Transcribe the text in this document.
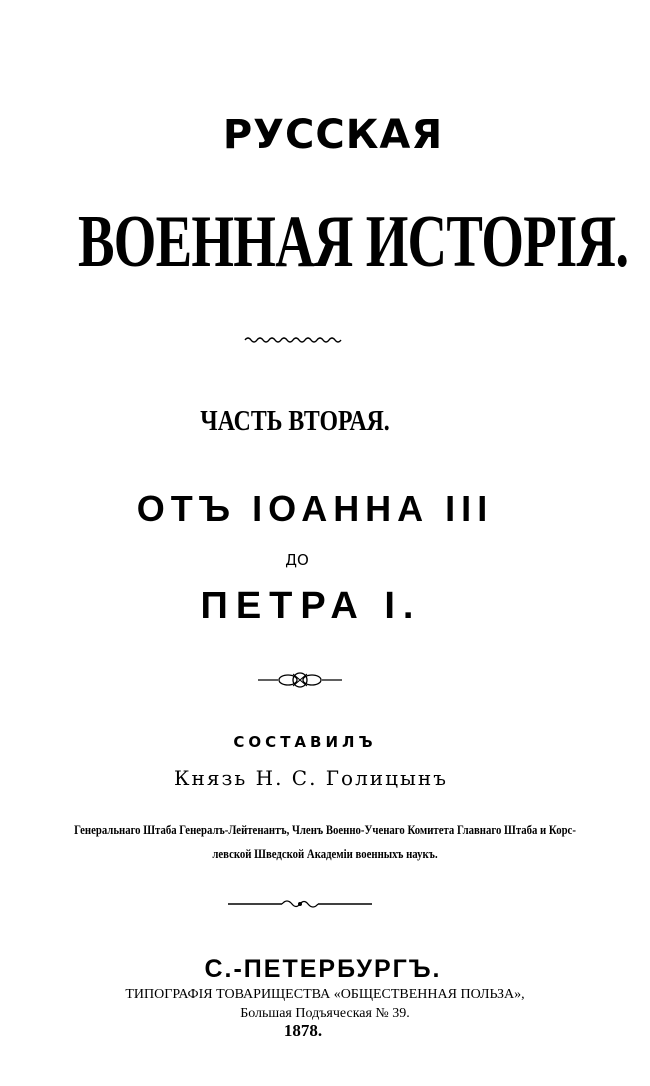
РУССКАЯ
ВОЕННАЯ ИСТОРІЯ.
ЧАСТЬ ВТОРАЯ.
ОТЪ ІОАННА III
ДО
ПЕТРА I.
СОСТАВИЛЪ
Князь Н. С. Голицынъ
Генеральнаго Штаба Генералъ-Лейтенантъ, Членъ Военно-Ученаго Комитета Главнаго Штаба и Корс-
левской Шведской Академіи военныхъ наукъ.
С.-ПЕТЕРБУРГЪ.
ТИПОГРАФІЯ ТОВАРИЩЕСТВА «ОБЩЕСТВЕННАЯ ПОЛЬЗА»,
Большая Подъяческая № 39.
1878.
